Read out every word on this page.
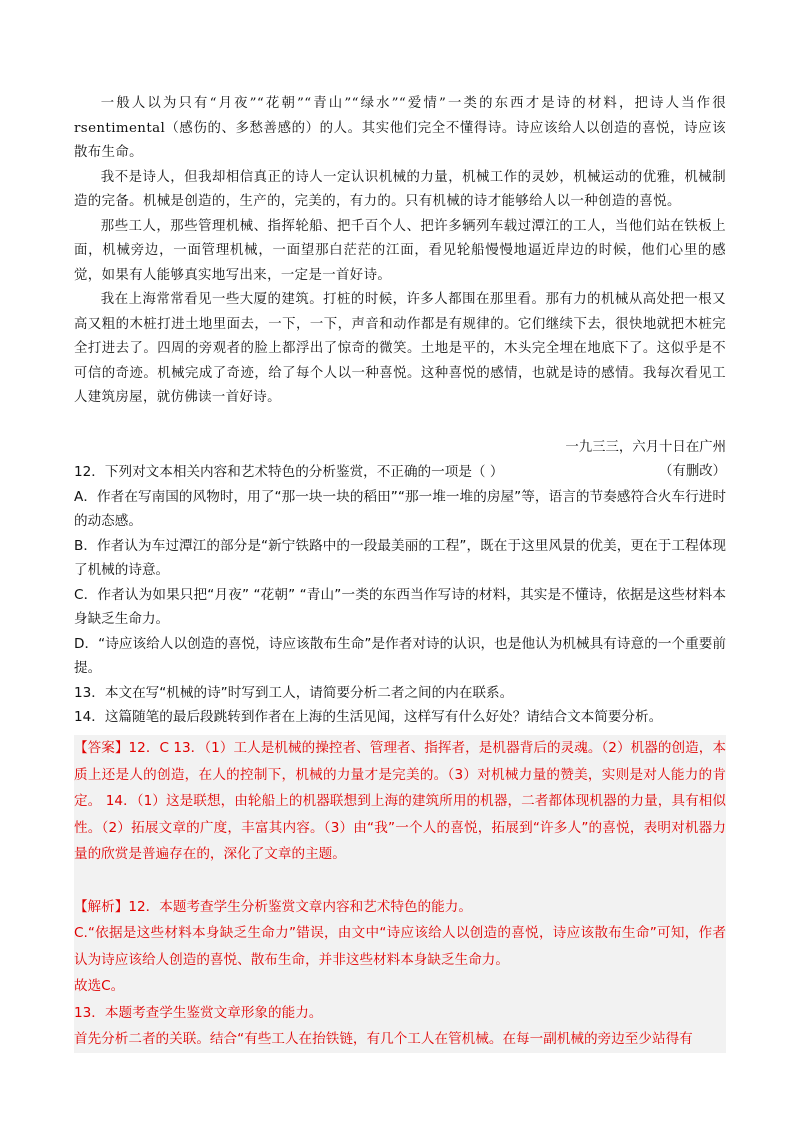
一般人以为只有“月夜”“花朝”“青山”“绿水”“爱情”一类的东西才是诗的材料，把诗人当作很 rsentimental（感伤的、多愁善感的）的人。其实他们完全不懂得诗。诗应该给人以创造的喜悦，诗应该散布生命。

我不是诗人，但我却相信真正的诗人一定认识机械的力量，机械工作的灵妙，机械运动的优雅，机械制造的完备。机械是创造的，生产的，完美的，有力的。只有机械的诗才能够给人以一种创造的喜悦。

那些工人，那些管理机械、指挥轮船、把千百个人、把许多辆列车载过潭江的工人，当他们站在铁板上面，机械旁边，一面管理机械，一面望那白茫茫的江面，看见轮船慢慢地逼近岸边的时候，他们心里的感觉，如果有人能够真实地写出来，一定是一首好诗。

我在上海常常看见一些大厦的建筑。打桩的时候，许多人都围在那里看。那有力的机械从高处把一根又高又粗的木桩打进土地里面去，一下，一下，声音和动作都是有规律的。它们继续下去，很快地就把木桩完全打进去了。四周的旁观者的脸上都浮出了惊奇的微笑。土地是平的，木头完全埋在地底下了。这似乎是不可信的奇迹。机械完成了奇迹，给了每个人以一种喜悦。这种喜悦的感情，也就是诗的感情。我每次看见工人建筑房屋，就仿佛读一首好诗。

一九三三，六月十日在广州
（有删改）

12．下列对文本相关内容和艺术特色的分析鉴赏，不正确的一项是（ ）

A．作者在写南国的风物时，用了“那一块一块的稻田”“那一堆一堆的房屋”等，语言的节奏感符合火车行进时的动态感。

B．作者认为车过潭江的部分是“新宁铁路中的一段最美丽的工程”，既在于这里风景的优美，更在于工程体现了机械的诗意。

C．作者认为如果只把“月夜” “花朝” “青山”一类的东西当作写诗的材料，其实是不懂诗，依据是这些材料本身缺乏生命力。

D．“诗应该给人以创造的喜悦，诗应该散布生命”是作者对诗的认识，也是他认为机械具有诗意的一个重要前提。

13．本文在写“机械的诗”时写到工人，请简要分析二者之间的内在联系。

14．这篇随笔的最后段跳转到作者在上海的生活见闻，这样写有什么好处？请结合文本简要分析。

【答案】12．C 13．（1）工人是机械的操控者、管理者、指挥者，是机器背后的灵魂。（2）机器的创造，本质上还是人的创造，在人的控制下，机械的力量才是完美的。（3）对机械力量的赞美，实则是对人能力的肯定。 14．（1）这是联想，由轮船上的机器联想到上海的建筑所用的机器，二者都体现机器的力量，具有相似性。（2）拓展文章的广度，丰富其内容。（3）由“我”一个人的喜悦，拓展到“许多人”的喜悦，表明对机器力量的欣赏是普遍存在的，深化了文章的主题。

【解析】12．本题考查学生分析鉴赏文章内容和艺术特色的能力。

C.“依据是这些材料本身缺乏生命力”错误，由文中“诗应该给人以创造的喜悦，诗应该散布生命”可知，作者认为诗应该给人创造的喜悦、散布生命，并非这些材料本身缺乏生命力。

故选C。

13．本题考查学生鉴赏文章形象的能力。

首先分析二者的关联。结合“有些工人在抬铁链，有几个工人在管机械。在每一副机械的旁边至少站得有
